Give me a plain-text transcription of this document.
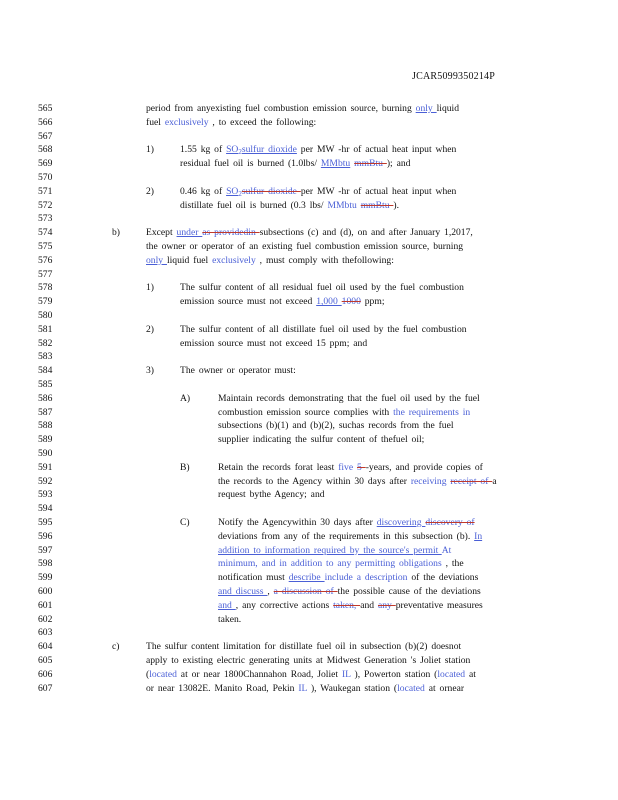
JCAR5099350214P
565	period from anyexisting fuel combustion emission source, burning only liquid
566	fuel exclusively , to exceed the following:
567
568	1)	1.55 kg of $SO_2sulfur$ dioxide per MW -hr of actual heat input when
569	residual fuel oil is burned (1.0lbs/ MMbtu mmBtu ); and
570
571	2)	0.46 kg of $SO_2sulfur$ dioxide per MW -hr of actual heat input when
572	distillate fuel oil is burned (0.3 lbs/ MMbtu mmBtu ).
573
574	b)	Except under as providedin subsections (c) and (d), on and after January 1,2017,
575	the owner or operator of an existing fuel combustion emission source, burning
576	only liquid fuel exclusively , must comply with thefollowing:
577
578	1)	The sulfur content of all residual fuel oil used by the fuel combustion
579	emission source must not exceed 1,000 1000 ppm;
580
581	2)	The sulfur content of all distillate fuel oil used by the fuel combustion
582	emission source must not exceed 15 ppm; and
583
584	3)	The owner or operator must:
585
586	A)	Maintain records demonstrating that the fuel oil used by the fuel
587	combustion emission source complies with the requirements in
588	subsections (b)(1) and (b)(2), suchas records from the fuel
589	supplier indicating the sulfur content of thefuel oil;
590
591	B)	Retain the records forat least five 5 -years, and provide copies of
592	the records to the Agency within 30 days after receiving receipt of a
593	request bythe Agency; and
594
595	C)	Notify the Agencywithin 30 days after discovering discovery of
596	deviations from any of the requirements in this subsection (b). In
597	addition to information required by the source's permit At
598	minimum, and in addition to any permitting obligations , the
599	notification must describe include a description of the deviations
600	and discuss , a discussion of the possible cause of the deviations
601	and , any corrective actions taken, and any preventative measures
602	taken.
603
604	c)	The sulfur content limitation for distillate fuel oil in subsection (b)(2) doesnot
605	apply to existing electric generating units at Midwest Generation 's Joliet station
606	(located at or near 1800Channahon Road, Joliet IL ), Powerton station (located at
607	or near 13082E. Manito Road, Pekin IL ), Waukegan station (located at ornear
